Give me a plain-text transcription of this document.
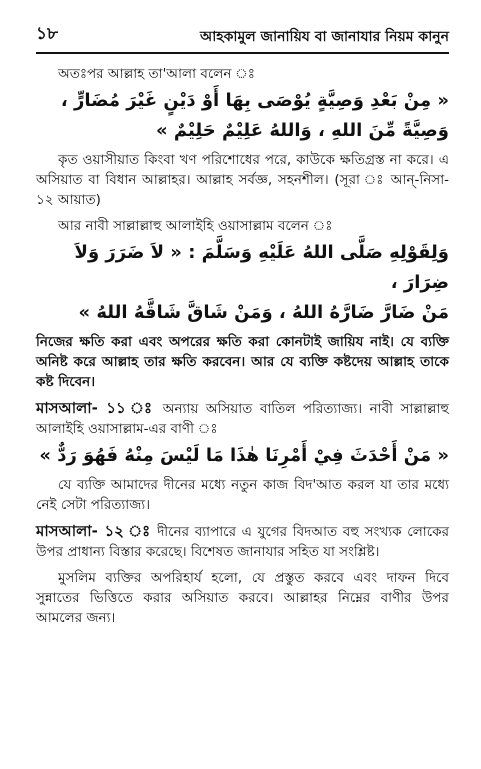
১৮	আহকামুল জানায়িয বা জানাযার নিয়ম কানুন

অতঃপর আল্লাহ তা'আলা বলেন ঃ

« مِنْ بَعْدِ وَصِيَّةٍ يُوْصَى بِهَا أَوْ دَيْنٍ غَيْرَ مُضَارٍّ ،
وَصِيَّةً مِّنَ اللهِ ، وَاللهُ عَلِيْمٌ حَلِيْمٌ »

কৃত ওয়াসীয়াত কিংবা খণ পরিশোধের পরে, কাউকে ক্ষতিগ্রস্ত না করে। এ অসিয়াত বা বিধান আল্লাহর। আল্লাহ সর্বজ্ঞ, সহনশীল। (সূরা ঃ আন্-নিসা- ১২ আয়াত)

আর নাবী সাল্লাল্লাহু আলাইহি ওয়াসাল্লাম বলেন ঃ

وَلِقَوْلِهِ صَلَّى اللهُ عَلَيْهِ وَسَلَّمَ : « لاَ ضَرَرَ وَلاَ ضِرَارَ ،
مَنْ ضَارَّ ضَارَّهُ اللهُ ، وَمَنْ شَاقَّ شَاقَّهُ اللهُ »

নিজের ক্ষতি করা এবং অপরের ক্ষতি করা কোনটাই জায়িয নাই। যে ব্যক্তি অনিষ্ট করে আল্লাহ তার ক্ষতি করবেন। আর যে ব্যক্তি কষ্টদেয় আল্লাহ তাকে কষ্ট দিবেন।

মাসআলা- ১১ ঃ অন্যায় অসিয়াত বাতিল পরিত্যাজ্য। নাবী সাল্লাল্লাহু আলাইহি ওয়াসাল্লাম-এর বাণী ঃ

« مَنْ أَحْدَثَ فِيْ أَمْرِنَا هٰذَا مَا لَيْسَ مِنْهُ فَهُوَ رَدٌّ »

যে ব্যক্তি আমাদের দীনের মধ্যে নতুন কাজ বিদ'আত করল যা তার মধ্যে নেই সেটা পরিত্যাজ্য।

মাসআলা- ১২ ঃ দীনের ব্যাপারে এ যুগের বিদআত বহু সংখ্যক লোকের উপর প্রাধান্য বিস্তার করেছে। বিশেষত জানাযার সহিত যা সংশ্লিষ্ট।

মুসলিম ব্যক্তির অপরিহার্য হলো, যে প্রস্তুত করবে এবং দাফন দিবে সুন্নাতের ভিত্তিতে করার অসিয়াত করবে। আল্লাহর নিম্নের বাণীর উপর আমলের জন্য।
